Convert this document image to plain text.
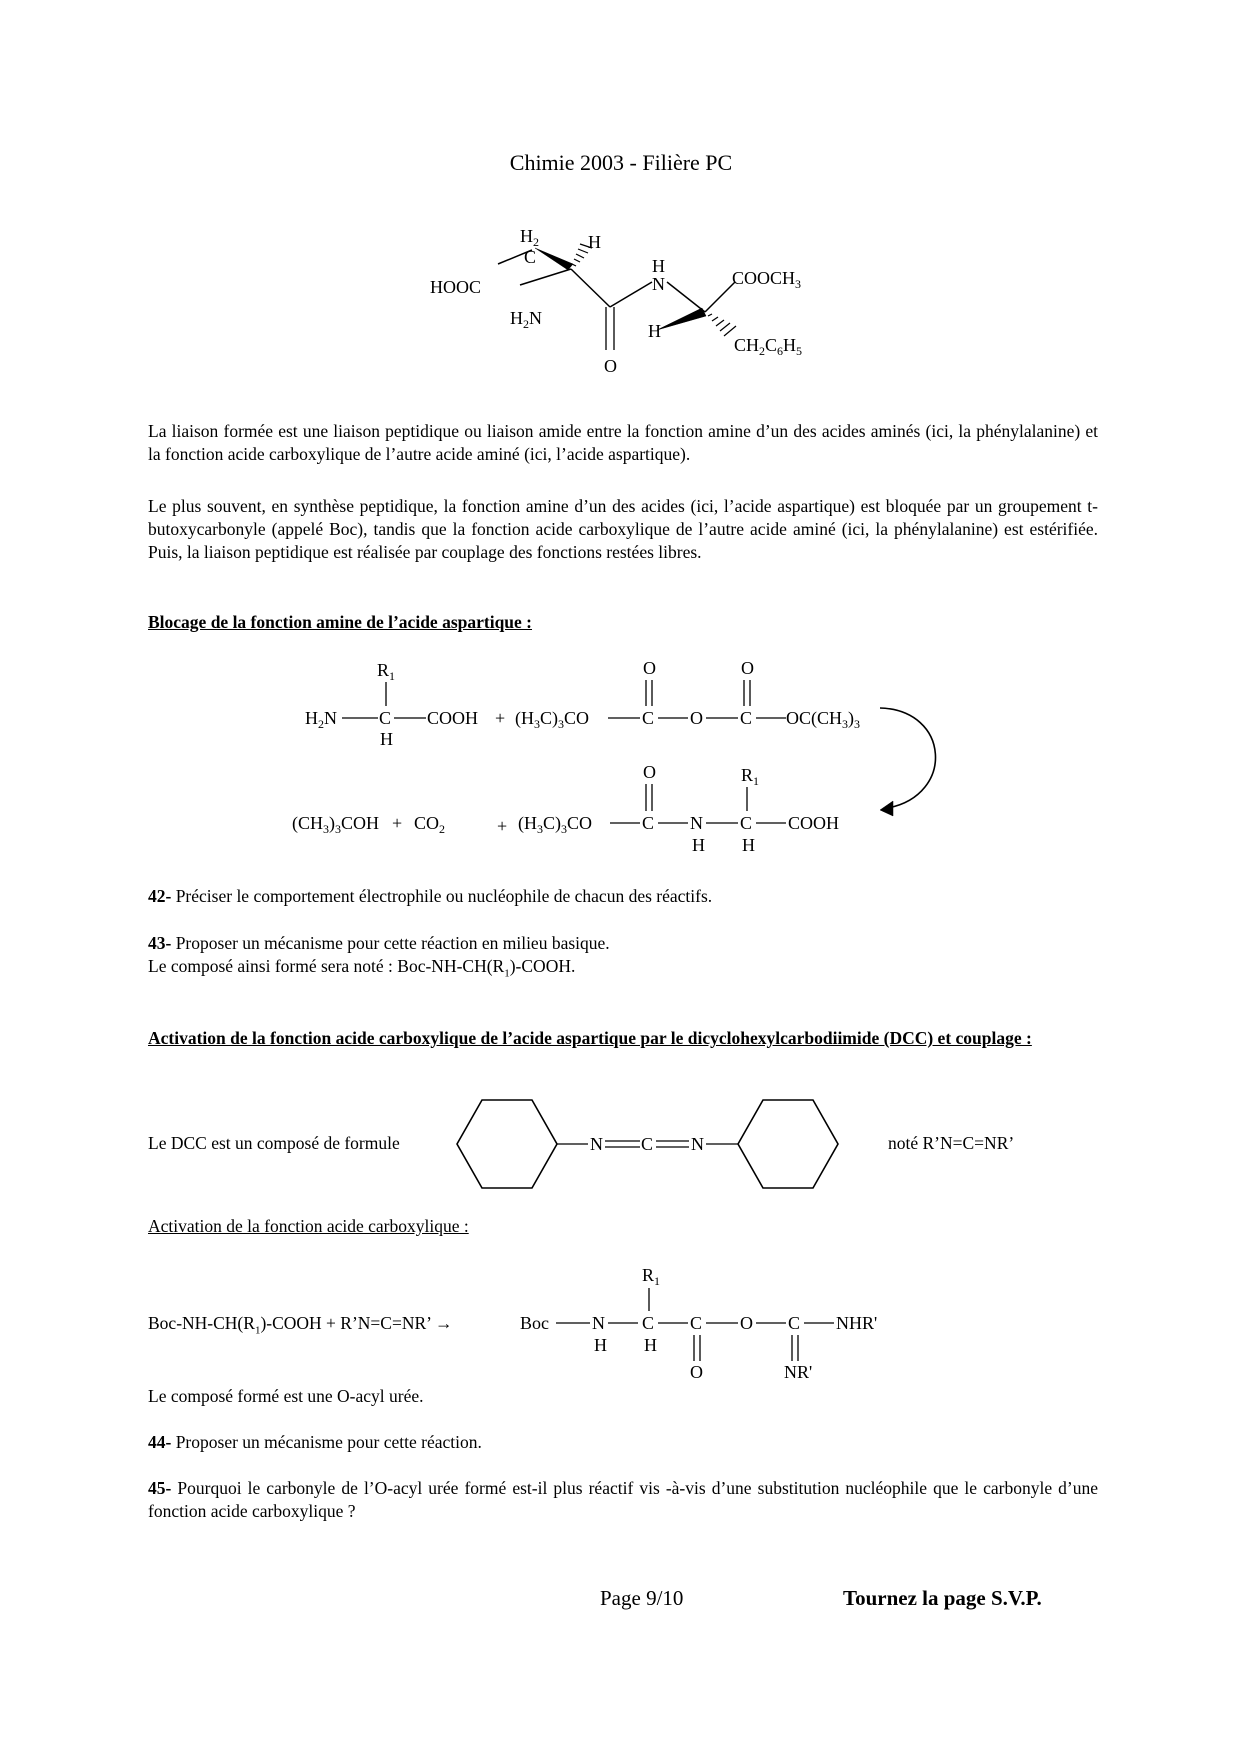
Chimie 2003 - Filière PC
HOOC
$H_2$
C
H
$H_2N$
O
H
N
H
$COOCH_3$
$CH_2C_6H_5$
La liaison formée est une liaison peptidique ou liaison amide entre la fonction amine d’un des acides aminés (ici, la phénylalanine) et la fonction acide carboxylique de l’autre acide aminé (ici, l’acide aspartique).
Le plus souvent, en synthèse peptidique, la fonction amine d’un des acides (ici, l’acide aspartique) est bloquée par un groupement t-butoxycarbonyle (appelé Boc), tandis que la fonction acide carboxylique de l’autre acide aminé (ici, la phénylalanine) est estérifiée. Puis, la liaison peptidique est réalisée par couplage des fonctions restées libres.
Blocage de la fonction amine de l’acide aspartique :
$R_1$
$H_2N$ C
H
COOH + $(H_3C)_3CO$
O
C O
O
C $OC(CH_3)_3$
$(CH_3)_3COH + CO_2$	+ $(H_3C)_3CO$
O
C N
H
$R_1$
C
H
COOH
42- Préciser le comportement électrophile ou nucléophile de chacun des réactifs.
43- Proposer un mécanisme pour cette réaction en milieu basique.
Le composé ainsi formé sera noté : Boc-$NH-CH(R_1)$-COOH.
Activation de la fonction acide carboxylique de l’acide aspartique par le dicyclohexylcarbodiimide (DCC) et couplage :
Le DCC est un composé de formule	N C N	noté R’N=C=NR’
Activation de la fonction acide carboxylique :
Boc-$NH-CH(R_1)$-COOH + R’N=C=NR’ →	Boc N
H
$R_1$
C
H
C
O
O C
NR'
NHR'
Le composé formé est une O-acyl urée.
44- Proposer un mécanisme pour cette réaction.
45- Pourquoi le carbonyle de l’O-acyl urée formé est-il plus réactif vis -à-vis d’une substitution nucléophile que le carbonyle d’une fonction acide carboxylique ?
Page 9/10	Tournez la page S.V.P.
